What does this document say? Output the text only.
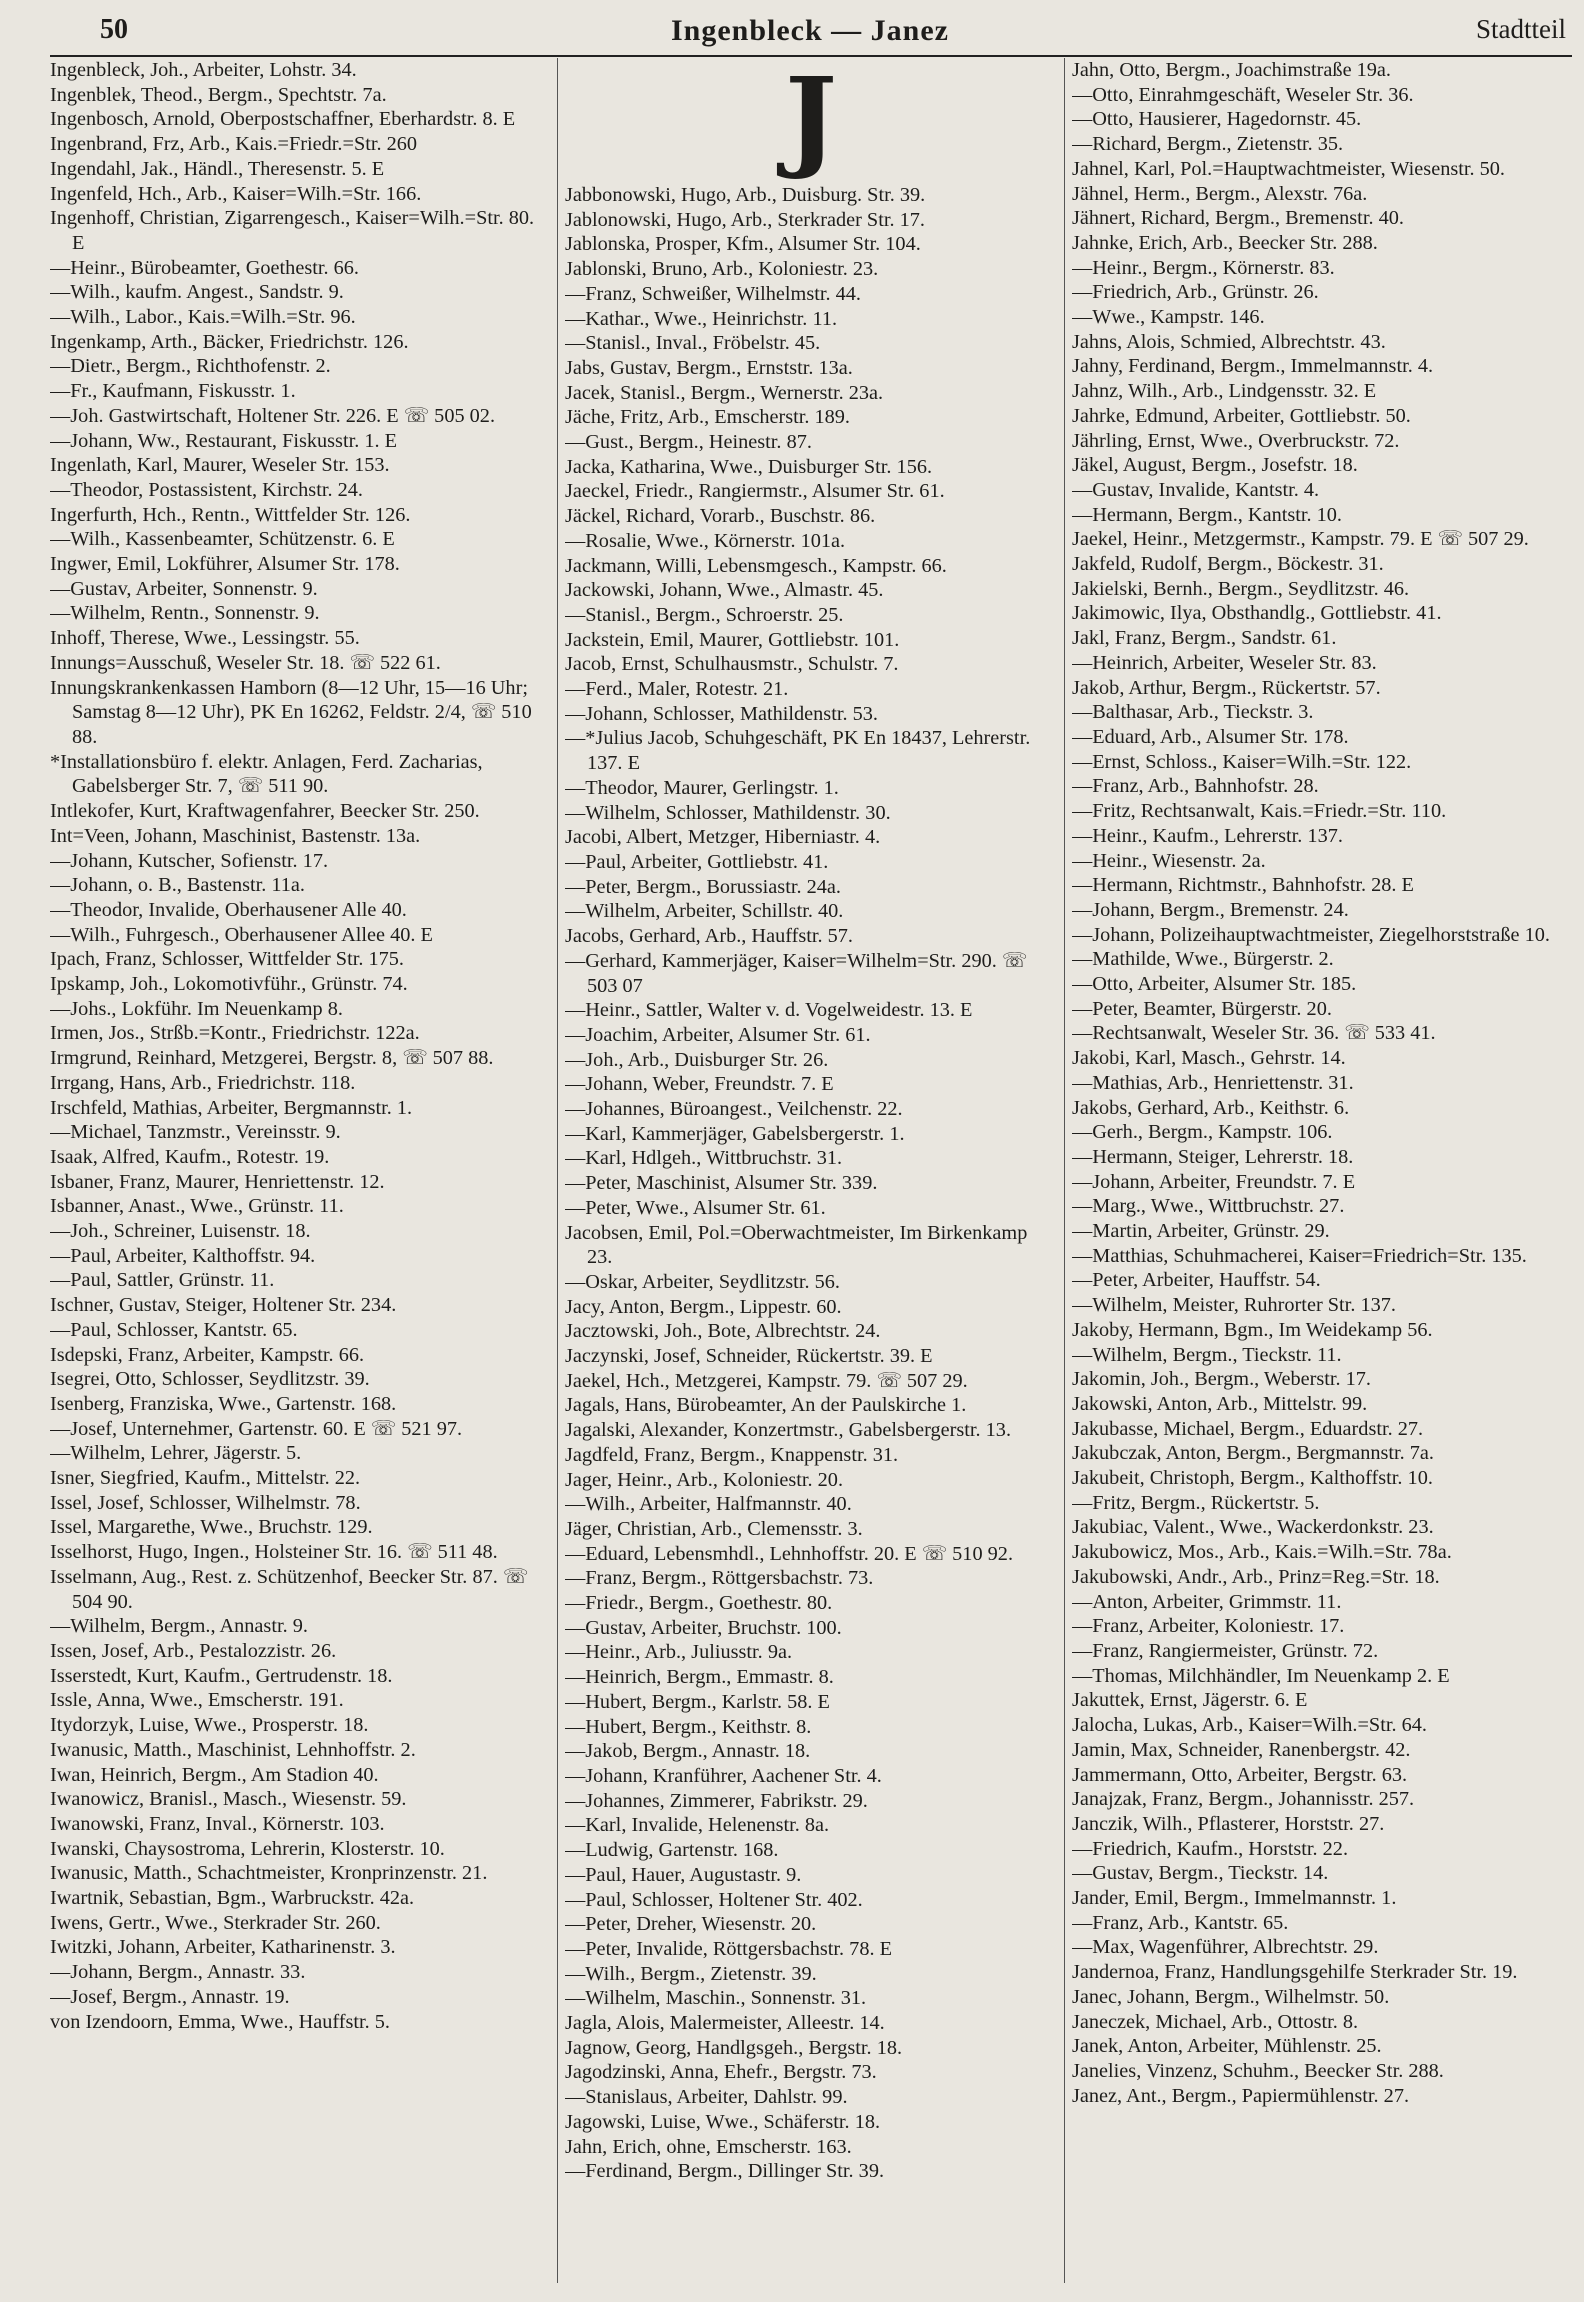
50	Ingenbleck — Janez	Stadtteil
Ingenbleck, Joh., Arbeiter, Lohstr. 34.
Ingenblek, Theod., Bergm., Spechtstr. 7a.
Ingenbosch, Arnold, Oberpostschaffner, Eberhardstr. 8. E
Ingenbrand, Frz, Arb., Kais.=Friedr.=Str. 260
Ingendahl, Jak., Händl., Theresenstr. 5. E
Ingenfeld, Hch., Arb., Kaiser=Wilh.=Str. 166.
Ingenhoff, Christian, Zigarrengesch., Kaiser=Wilh.=Str. 80. E
—Heinr., Bürobeamter, Goethestr. 66.
—Wilh., kaufm. Angest., Sandstr. 9.
—Wilh., Labor., Kais.=Wilh.=Str. 96.
Ingenkamp, Arth., Bäcker, Friedrichstr. 126.
—Dietr., Bergm., Richthofenstr. 2.
—Fr., Kaufmann, Fiskusstr. 1.
—Joh. Gastwirtschaft, Holtener Str. 226. E ☏ 505 02.
—Johann, Ww., Restaurant, Fiskusstr. 1. E
Ingenlath, Karl, Maurer, Weseler Str. 153.
—Theodor, Postassistent, Kirchstr. 24.
Ingerfurth, Hch., Rentn., Wittfelder Str. 126.
—Wilh., Kassenbeamter, Schützenstr. 6. E
Ingwer, Emil, Lokführer, Alsumer Str. 178.
—Gustav, Arbeiter, Sonnenstr. 9.
—Wilhelm, Rentn., Sonnenstr. 9.
Inhoff, Therese, Wwe., Lessingstr. 55.
Innungs=Ausschuß, Weseler Str. 18. ☏ 522 61.
Innungskrankenkassen Hamborn (8—12 Uhr, 15—16 Uhr; Samstag 8—12 Uhr), PK En 16262, Feldstr. 2/4, ☏ 510 88.
*Installationsbüro f. elektr. Anlagen, Ferd. Zacharias, Gabelsberger Str. 7, ☏ 511 90.
Intlekofer, Kurt, Kraftwagenfahrer, Beecker Str. 250.
Int=Veen, Johann, Maschinist, Bastenstr. 13a.
—Johann, Kutscher, Sofienstr. 17.
—Johann, o. B., Bastenstr. 11a.
—Theodor, Invalide, Oberhausener Alle 40.
—Wilh., Fuhrgesch., Oberhausener Allee 40. E
Ipach, Franz, Schlosser, Wittfelder Str. 175.
Ipskamp, Joh., Lokomotivführ., Grünstr. 74.
—Johs., Lokführ. Im Neuenkamp 8.
Irmen, Jos., Strßb.=Kontr., Friedrichstr. 122a.
Irmgrund, Reinhard, Metzgerei, Bergstr. 8, ☏ 507 88.
Irrgang, Hans, Arb., Friedrichstr. 118.
Irschfeld, Mathias, Arbeiter, Bergmannstr. 1.
—Michael, Tanzmstr., Vereinsstr. 9.
Isaak, Alfred, Kaufm., Rotestr. 19.
Isbaner, Franz, Maurer, Henriettenstr. 12.
Isbanner, Anast., Wwe., Grünstr. 11.
—Joh., Schreiner, Luisenstr. 18.
—Paul, Arbeiter, Kalthoffstr. 94.
—Paul, Sattler, Grünstr. 11.
Ischner, Gustav, Steiger, Holtener Str. 234.
—Paul, Schlosser, Kantstr. 65.
Isdepski, Franz, Arbeiter, Kampstr. 66.
Isegrei, Otto, Schlosser, Seydlitzstr. 39.
Isenberg, Franziska, Wwe., Gartenstr. 168.
—Josef, Unternehmer, Gartenstr. 60. E ☏ 521 97.
—Wilhelm, Lehrer, Jägerstr. 5.
Isner, Siegfried, Kaufm., Mittelstr. 22.
Issel, Josef, Schlosser, Wilhelmstr. 78.
Issel, Margarethe, Wwe., Bruchstr. 129.
Isselhorst, Hugo, Ingen., Holsteiner Str. 16. ☏ 511 48.
Isselmann, Aug., Rest. z. Schützenhof, Beecker Str. 87. ☏ 504 90.
—Wilhelm, Bergm., Annastr. 9.
Issen, Josef, Arb., Pestalozzistr. 26.
Isserstedt, Kurt, Kaufm., Gertrudenstr. 18.
Issle, Anna, Wwe., Emscherstr. 191.
Itydorzyk, Luise, Wwe., Prosperstr. 18.
Iwanusic, Matth., Maschinist, Lehnhoffstr. 2.
Iwan, Heinrich, Bergm., Am Stadion 40.
Iwanowicz, Branisl., Masch., Wiesenstr. 59.
Iwanowski, Franz, Inval., Körnerstr. 103.
Iwanski, Chaysostroma, Lehrerin, Klosterstr. 10.
Iwanusic, Matth., Schachtmeister, Kronprinzenstr. 21.
Iwartnik, Sebastian, Bgm., Warbruckstr. 42a.
Iwens, Gertr., Wwe., Sterkrader Str. 260.
Iwitzki, Johann, Arbeiter, Katharinenstr. 3.
—Johann, Bergm., Annastr. 33.
—Josef, Bergm., Annastr. 19.
von Izendoorn, Emma, Wwe., Hauffstr. 5.
J
Jabbonowski, Hugo, Arb., Duisburg. Str. 39.
Jablonowski, Hugo, Arb., Sterkrader Str. 17.
Jablonska, Prosper, Kfm., Alsumer Str. 104.
Jablonski, Bruno, Arb., Koloniestr. 23.
—Franz, Schweißer, Wilhelmstr. 44.
—Kathar., Wwe., Heinrichstr. 11.
—Stanisl., Inval., Fröbelstr. 45.
Jabs, Gustav, Bergm., Ernststr. 13a.
Jacek, Stanisl., Bergm., Wernerstr. 23a.
Jäche, Fritz, Arb., Emscherstr. 189.
—Gust., Bergm., Heinestr. 87.
Jacka, Katharina, Wwe., Duisburger Str. 156.
Jaeckel, Friedr., Rangiermstr., Alsumer Str. 61.
Jäckel, Richard, Vorarb., Buschstr. 86.
—Rosalie, Wwe., Körnerstr. 101a.
Jackmann, Willi, Lebensmgesch., Kampstr. 66.
Jackowski, Johann, Wwe., Almastr. 45.
—Stanisl., Bergm., Schroerstr. 25.
Jackstein, Emil, Maurer, Gottliebstr. 101.
Jacob, Ernst, Schulhausmstr., Schulstr. 7.
—Ferd., Maler, Rotestr. 21.
—Johann, Schlosser, Mathildenstr. 53.
—*Julius Jacob, Schuhgeschäft, PK En 18437, Lehrerstr. 137. E
—Theodor, Maurer, Gerlingstr. 1.
—Wilhelm, Schlosser, Mathildenstr. 30.
Jacobi, Albert, Metzger, Hiberniastr. 4.
—Paul, Arbeiter, Gottliebstr. 41.
—Peter, Bergm., Borussiastr. 24a.
—Wilhelm, Arbeiter, Schillstr. 40.
Jacobs, Gerhard, Arb., Hauffstr. 57.
—Gerhard, Kammerjäger, Kaiser=Wilhelm=Str. 290. ☏ 503 07
—Heinr., Sattler, Walter v. d. Vogelweidestr. 13. E
—Joachim, Arbeiter, Alsumer Str. 61.
—Joh., Arb., Duisburger Str. 26.
—Johann, Weber, Freundstr. 7. E
—Johannes, Büroangest., Veilchenstr. 22.
—Karl, Kammerjäger, Gabelsbergerstr. 1.
—Karl, Hdlgeh., Wittbruchstr. 31.
—Peter, Maschinist, Alsumer Str. 339.
—Peter, Wwe., Alsumer Str. 61.
Jacobsen, Emil, Pol.=Oberwachtmeister, Im Birkenkamp 23.
—Oskar, Arbeiter, Seydlitzstr. 56.
Jacy, Anton, Bergm., Lippestr. 60.
Jacztowski, Joh., Bote, Albrechtstr. 24.
Jaczynski, Josef, Schneider, Rückertstr. 39. E
Jaekel, Hch., Metzgerei, Kampstr. 79. ☏ 507 29.
Jagals, Hans, Bürobeamter, An der Paulskirche 1.
Jagalski, Alexander, Konzertmstr., Gabelsbergerstr. 13.
Jagdfeld, Franz, Bergm., Knappenstr. 31.
Jager, Heinr., Arb., Koloniestr. 20.
—Wilh., Arbeiter, Halfmannstr. 40.
Jäger, Christian, Arb., Clemensstr. 3.
—Eduard, Lebensmhdl., Lehnhoffstr. 20. E ☏ 510 92.
—Franz, Bergm., Röttgersbachstr. 73.
—Friedr., Bergm., Goethestr. 80.
—Gustav, Arbeiter, Bruchstr. 100.
—Heinr., Arb., Juliusstr. 9a.
—Heinrich, Bergm., Emmastr. 8.
—Hubert, Bergm., Karlstr. 58. E
—Hubert, Bergm., Keithstr. 8.
—Jakob, Bergm., Annastr. 18.
—Johann, Kranführer, Aachener Str. 4.
—Johannes, Zimmerer, Fabrikstr. 29.
—Karl, Invalide, Helenenstr. 8a.
—Ludwig, Gartenstr. 168.
—Paul, Hauer, Augustastr. 9.
—Paul, Schlosser, Holtener Str. 402.
—Peter, Dreher, Wiesenstr. 20.
—Peter, Invalide, Röttgersbachstr. 78. E
—Wilh., Bergm., Zietenstr. 39.
—Wilhelm, Maschin., Sonnenstr. 31.
Jagla, Alois, Malermeister, Alleestr. 14.
Jagnow, Georg, Handlgsgeh., Bergstr. 18.
Jagodzinski, Anna, Ehefr., Bergstr. 73.
—Stanislaus, Arbeiter, Dahlstr. 99.
Jagowski, Luise, Wwe., Schäferstr. 18.
Jahn, Erich, ohne, Emscherstr. 163.
—Ferdinand, Bergm., Dillinger Str. 39.
Jahn, Otto, Bergm., Joachimstraße 19a.
—Otto, Einrahmgeschäft, Weseler Str. 36.
—Otto, Hausierer, Hagedornstr. 45.
—Richard, Bergm., Zietenstr. 35.
Jahnel, Karl, Pol.=Hauptwachtmeister, Wiesenstr. 50.
Jähnel, Herm., Bergm., Alexstr. 76a.
Jähnert, Richard, Bergm., Bremenstr. 40.
Jahnke, Erich, Arb., Beecker Str. 288.
—Heinr., Bergm., Körnerstr. 83.
—Friedrich, Arb., Grünstr. 26.
—Wwe., Kampstr. 146.
Jahns, Alois, Schmied, Albrechtstr. 43.
Jahny, Ferdinand, Bergm., Immelmannstr. 4.
Jahnz, Wilh., Arb., Lindgensstr. 32. E
Jahrke, Edmund, Arbeiter, Gottliebstr. 50.
Jährling, Ernst, Wwe., Overbruckstr. 72.
Jäkel, August, Bergm., Josefstr. 18.
—Gustav, Invalide, Kantstr. 4.
—Hermann, Bergm., Kantstr. 10.
Jaekel, Heinr., Metzgermstr., Kampstr. 79. E ☏ 507 29.
Jakfeld, Rudolf, Bergm., Böckestr. 31.
Jakielski, Bernh., Bergm., Seydlitzstr. 46.
Jakimowic, Ilya, Obsthandlg., Gottliebstr. 41.
Jakl, Franz, Bergm., Sandstr. 61.
—Heinrich, Arbeiter, Weseler Str. 83.
Jakob, Arthur, Bergm., Rückertstr. 57.
—Balthasar, Arb., Tieckstr. 3.
—Eduard, Arb., Alsumer Str. 178.
—Ernst, Schloss., Kaiser=Wilh.=Str. 122.
—Franz, Arb., Bahnhofstr. 28.
—Fritz, Rechtsanwalt, Kais.=Friedr.=Str. 110.
—Heinr., Kaufm., Lehrerstr. 137.
—Heinr., Wiesenstr. 2a.
—Hermann, Richtmstr., Bahnhofstr. 28. E
—Johann, Bergm., Bremenstr. 24.
—Johann, Polizeihauptwachtmeister, Ziegelhorststraße 10.
—Mathilde, Wwe., Bürgerstr. 2.
—Otto, Arbeiter, Alsumer Str. 185.
—Peter, Beamter, Bürgerstr. 20.
—Rechtsanwalt, Weseler Str. 36. ☏ 533 41.
Jakobi, Karl, Masch., Gehrstr. 14.
—Mathias, Arb., Henriettenstr. 31.
Jakobs, Gerhard, Arb., Keithstr. 6.
—Gerh., Bergm., Kampstr. 106.
—Hermann, Steiger, Lehrerstr. 18.
—Johann, Arbeiter, Freundstr. 7. E
—Marg., Wwe., Wittbruchstr. 27.
—Martin, Arbeiter, Grünstr. 29.
—Matthias, Schuhmacherei, Kaiser=Friedrich=Str. 135.
—Peter, Arbeiter, Hauffstr. 54.
—Wilhelm, Meister, Ruhrorter Str. 137.
Jakoby, Hermann, Bgm., Im Weidekamp 56.
—Wilhelm, Bergm., Tieckstr. 11.
Jakomin, Joh., Bergm., Weberstr. 17.
Jakowski, Anton, Arb., Mittelstr. 99.
Jakubasse, Michael, Bergm., Eduardstr. 27.
Jakubczak, Anton, Bergm., Bergmannstr. 7a.
Jakubeit, Christoph, Bergm., Kalthoffstr. 10.
—Fritz, Bergm., Rückertstr. 5.
Jakubiac, Valent., Wwe., Wackerdonkstr. 23.
Jakubowicz, Mos., Arb., Kais.=Wilh.=Str. 78a.
Jakubowski, Andr., Arb., Prinz=Reg.=Str. 18.
—Anton, Arbeiter, Grimmstr. 11.
—Franz, Arbeiter, Koloniestr. 17.
—Franz, Rangiermeister, Grünstr. 72.
—Thomas, Milchhändler, Im Neuenkamp 2. E
Jakuttek, Ernst, Jägerstr. 6. E
Jalocha, Lukas, Arb., Kaiser=Wilh.=Str. 64.
Jamin, Max, Schneider, Ranenbergstr. 42.
Jammermann, Otto, Arbeiter, Bergstr. 63.
Janajzak, Franz, Bergm., Johannisstr. 257.
Janczik, Wilh., Pflasterer, Horststr. 27.
—Friedrich, Kaufm., Horststr. 22.
—Gustav, Bergm., Tieckstr. 14.
Jander, Emil, Bergm., Immelmannstr. 1.
—Franz, Arb., Kantstr. 65.
—Max, Wagenführer, Albrechtstr. 29.
Jandernoa, Franz, Handlungsgehilfe Sterkrader Str. 19.
Janec, Johann, Bergm., Wilhelmstr. 50.
Janeczek, Michael, Arb., Ottostr. 8.
Janek, Anton, Arbeiter, Mühlenstr. 25.
Janelies, Vinzenz, Schuhm., Beecker Str. 288.
Janez, Ant., Bergm., Papiermühlenstr. 27.
